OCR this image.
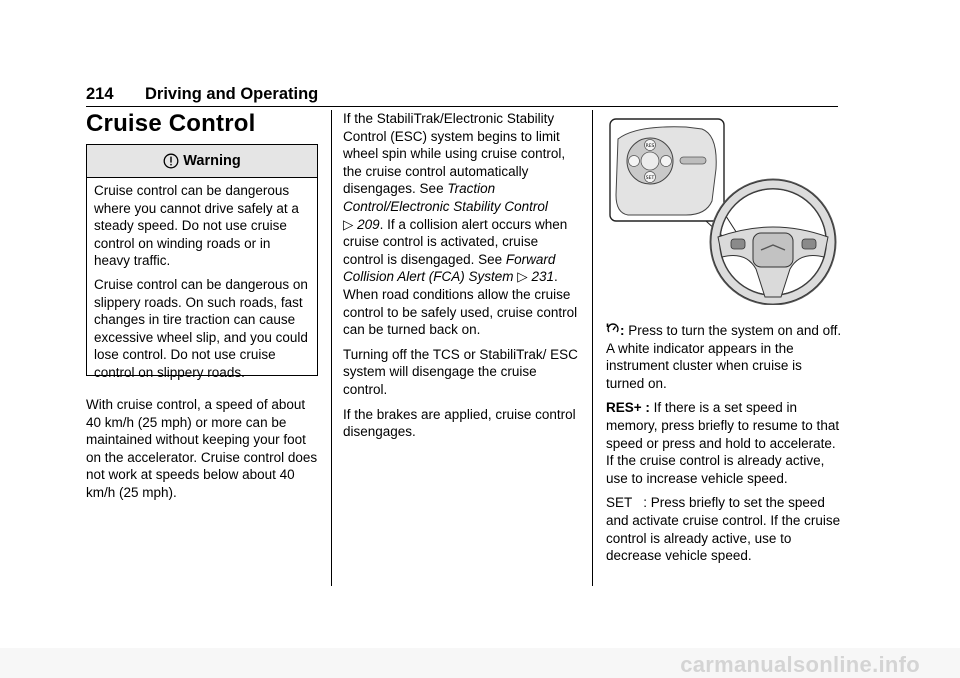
214 Driving and Operating
Cruise Control
Warning

Cruise control can be dangerous where you cannot drive safely at a steady speed. Do not use cruise control on winding roads or in heavy traffic.

Cruise control can be dangerous on slippery roads. On such roads, fast changes in tire traction can cause excessive wheel slip, and you could lose control. Do not use cruise control on slippery roads.

With cruise control, a speed of about 40 km/h (25 mph) or more can be maintained without keeping your foot on the accelerator. Cruise control does not work at speeds below about 40 km/h (25 mph).

If the StabiliTrak/Electronic Stability Control (ESC) system begins to limit wheel spin while using cruise control, the cruise control automatically disengages. See Traction Control/Electronic Stability Control ▷ 209. If a collision alert occurs when cruise control is activated, cruise control is disengaged. See Forward Collision Alert (FCA) System ▷ 231. When road conditions allow the cruise control to be safely used, cruise control can be turned back on.

Turning off the TCS or StabiliTrak/ ESC system will disengage the cruise control.

If the brakes are applied, cruise control disengages.

RES
SET

: Press to turn the system on and off. A white indicator appears in the instrument cluster when cruise is turned on.

RES+ : If there is a set speed in memory, press briefly to resume to that speed or press and hold to accelerate. If the cruise control is already active, use to increase vehicle speed.

SET   : Press briefly to set the speed and activate cruise control. If the cruise control is already active, use to decrease vehicle speed.

carmanualsonline.info
